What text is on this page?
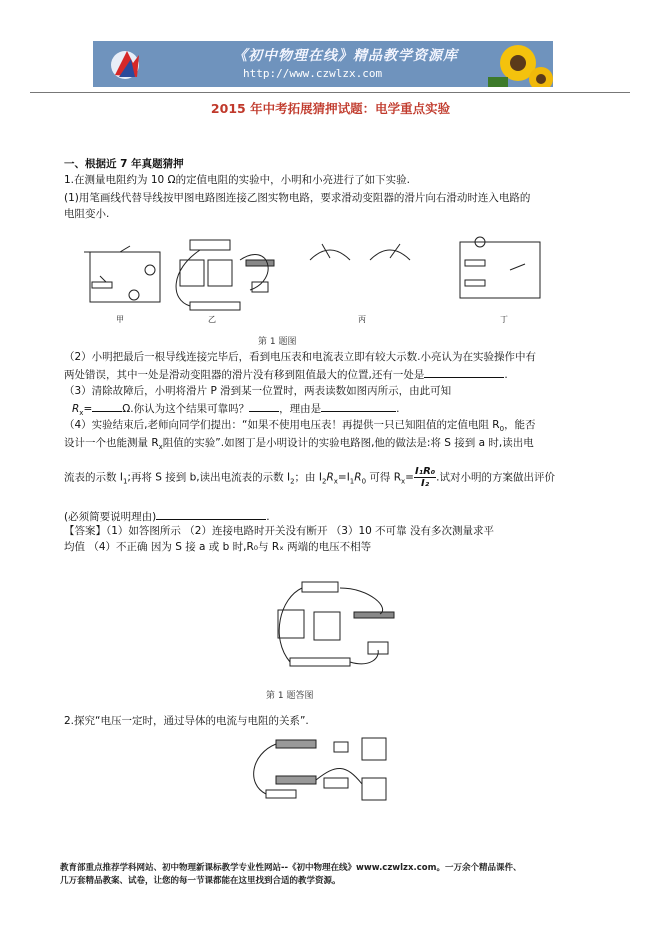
《初中物理在线》精品教学资源库
http://www.czwlzx.com
2015 年中考拓展猜押试题：电学重点实验
一、根据近 7 年真题猜押
1.在测量电阻约为 10 Ω的定值电阻的实验中，小明和小亮进行了如下实验.
(1)用笔画线代替导线按甲图电路图连接乙图实物电路，要求滑动变阻器的滑片向右滑动时连入电路的
电阻变小.
甲	乙	丙	丁
第 1 题图
（2）小明把最后一根导线连接完毕后，看到电压表和电流表立即有较大示数.小亮认为在实验操作中有
两处错误，其中一处是滑动变阻器的滑片没有移到阻值最大的位置,还有一处是	.
（3）清除故障后，小明将滑片 P 滑到某一位置时，两表读数如图丙所示，由此可知
$R_x=$	Ω.你认为这个结果可靠吗？	，理由是	.
（4）实验结束后,老师向同学们提出：“如果不使用电压表！再提供一只已知阻值的定值电阻 $R_0$，能否
设计一个也能测量 $R_x$阻值的实验”.如图丁是小明设计的实验电路图,他的做法是:将 S 接到 a 时,读出电
流表的示数 $I_1$;再将 S 接到 b,读出电流表的示数 $I_2$；由 $I_2R_x=I_1R_0$ 可得 $R_x= \frac{\text{I₁R₀}}{\text{I₂}}$ .试对小明的方案做出评价
(必须简要说明理由)	.
【答案】（1）如答图所示 （2）连接电路时开关没有断开 （3）10 不可靠 没有多次测量求平
均值 （4）不正确 因为 S 接 a 或 b 时,R₀与 Rₓ 两端的电压不相等
第 1 题答图
2.探究“电压一定时，通过导体的电流与电阻的关系”.
教育部重点推荐学科网站、初中物理新课标教学专业性网站--《初中物理在线》www.czwlzx.com。一万余个精品课件、
几万套精品教案、试卷，让您的每一节课都能在这里找到合适的教学资源。
